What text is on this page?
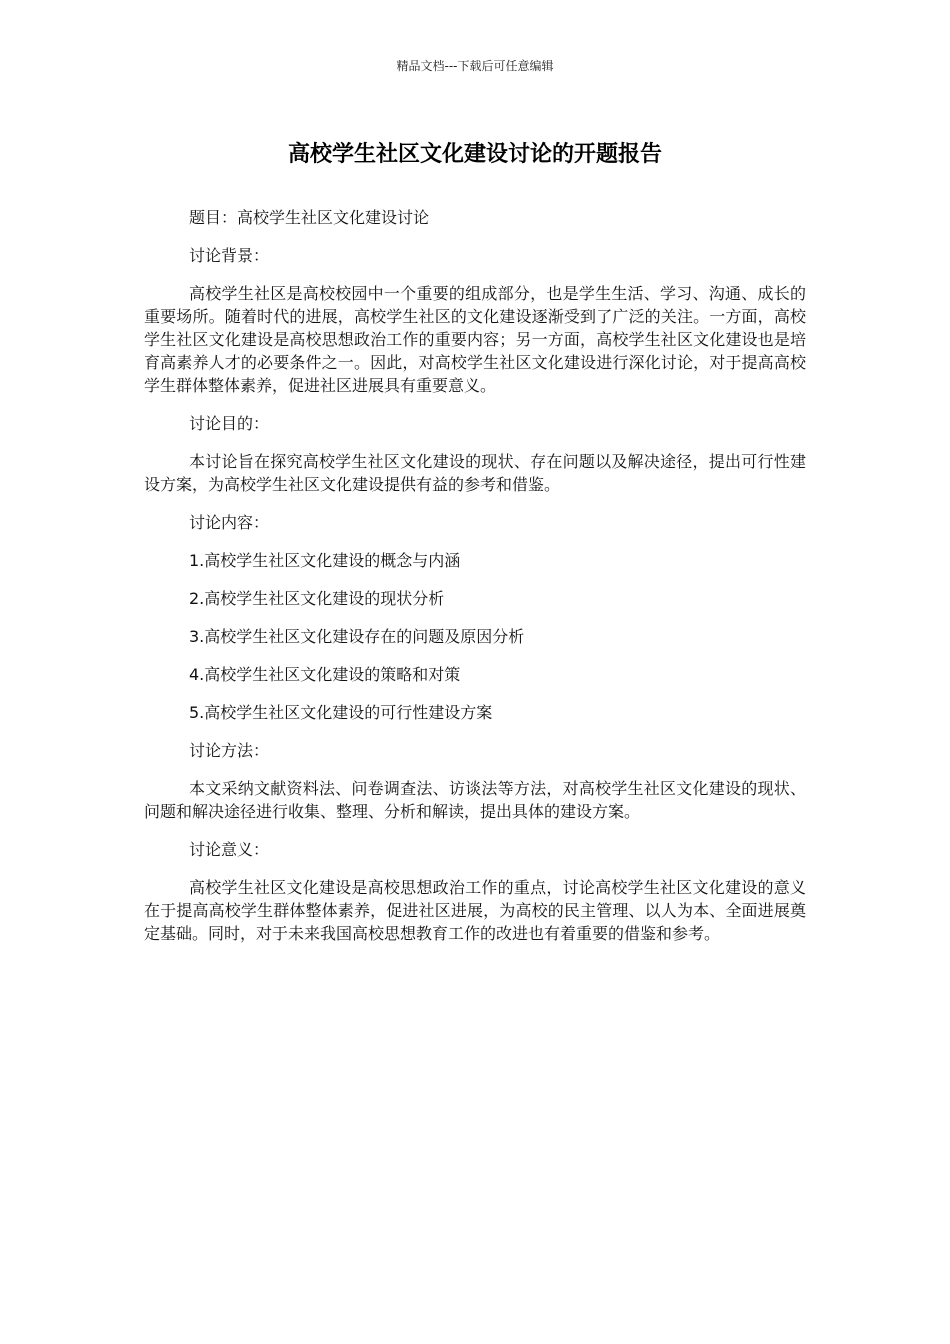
精品文档---下载后可任意编辑
高校学生社区文化建设讨论的开题报告

题目：高校学生社区文化建设讨论

讨论背景：

高校学生社区是高校校园中一个重要的组成部分，也是学生生活、学习、沟通、成长的重要场所。随着时代的进展，高校学生社区的文化建设逐渐受到了广泛的关注。一方面，高校学生社区文化建设是高校思想政治工作的重要内容；另一方面，高校学生社区文化建设也是培育高素养人才的必要条件之一。因此，对高校学生社区文化建设进行深化讨论，对于提高高校学生群体整体素养，促进社区进展具有重要意义。

讨论目的：

本讨论旨在探究高校学生社区文化建设的现状、存在问题以及解决途径，提出可行性建设方案，为高校学生社区文化建设提供有益的参考和借鉴。

讨论内容：

1.高校学生社区文化建设的概念与内涵

2.高校学生社区文化建设的现状分析

3.高校学生社区文化建设存在的问题及原因分析

4.高校学生社区文化建设的策略和对策

5.高校学生社区文化建设的可行性建设方案

讨论方法：

本文采纳文献资料法、问卷调查法、访谈法等方法，对高校学生社区文化建设的现状、问题和解决途径进行收集、整理、分析和解读，提出具体的建设方案。

讨论意义：

高校学生社区文化建设是高校思想政治工作的重点，讨论高校学生社区文化建设的意义在于提高高校学生群体整体素养，促进社区进展，为高校的民主管理、以人为本、全面进展奠定基础。同时，对于未来我国高校思想教育工作的改进也有着重要的借鉴和参考。
